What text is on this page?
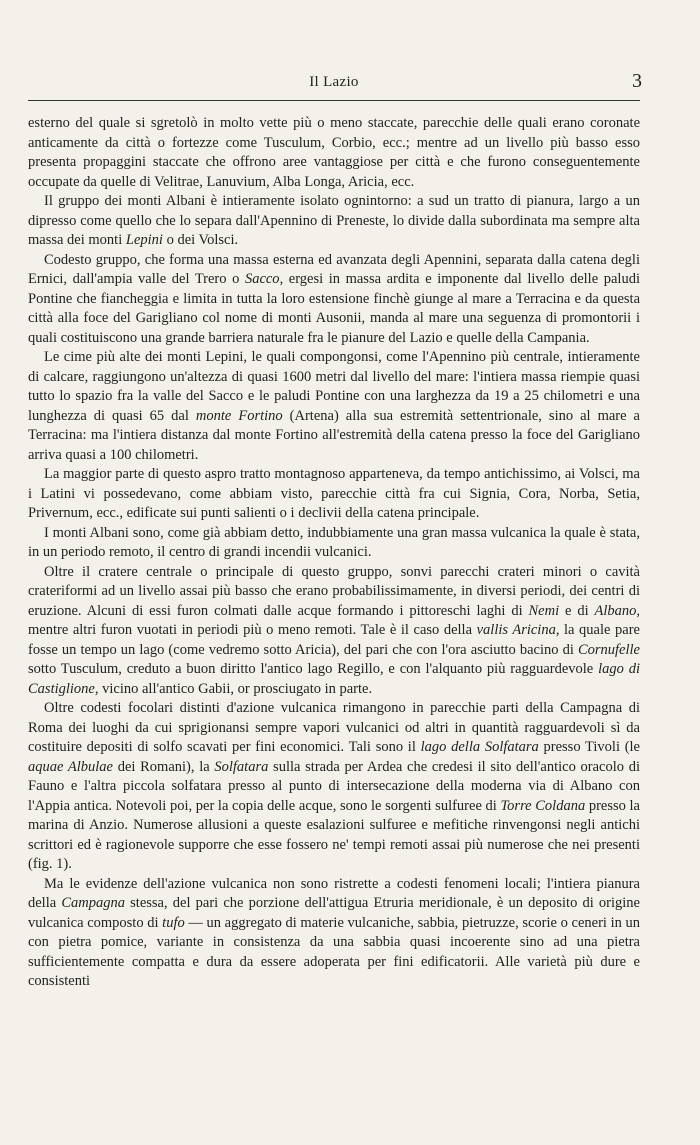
Il Lazio	3

esterno del quale si sgretolò in molto vette più o meno staccate, parecchie delle quali erano coronate anticamente da città o fortezze come Tusculum, Corbio, ecc.; mentre ad un livello più basso esso presenta propaggini staccate che offrono aree vantaggiose per città e che furono conseguentemente occupate da quelle di Velitrae, Lanuvium, Alba Longa, Aricia, ecc.

Il gruppo dei monti Albani è intieramente isolato ognintorno: a sud un tratto di pianura, largo a un dipresso come quello che lo separa dall'Apennino di Preneste, lo divide dalla subordinata ma sempre alta massa dei monti Lepini o dei Volsci.

Codesto gruppo, che forma una massa esterna ed avanzata degli Apennini, separata dalla catena degli Ernici, dall'ampia valle del Trero o Sacco, ergesi in massa ardita e imponente dal livello delle paludi Pontine che fiancheggia e limita in tutta la loro estensione finchè giunge al mare a Terracina e da questa città alla foce del Garigliano col nome di monti Ausonii, manda al mare una seguenza di promontorii i quali costituiscono una grande barriera naturale fra le pianure del Lazio e quelle della Campania.

Le cime più alte dei monti Lepini, le quali compongonsi, come l'Apennino più centrale, intieramente di calcare, raggiungono un'altezza di quasi 1600 metri dal livello del mare: l'intiera massa riempie quasi tutto lo spazio fra la valle del Sacco e le paludi Pontine con una larghezza da 19 a 25 chilometri e una lunghezza di quasi 65 dal monte Fortino (Artena) alla sua estremità settentrionale, sino al mare a Terracina: ma l'intiera distanza dal monte Fortino all'estremità della catena presso la foce del Garigliano arriva quasi a 100 chilometri.

La maggior parte di questo aspro tratto montagnoso apparteneva, da tempo antichissimo, ai Volsci, ma i Latini vi possedevano, come abbiam visto, parecchie città fra cui Signia, Cora, Norba, Setia, Privernum, ecc., edificate sui punti salienti o i declivii della catena principale.

I monti Albani sono, come già abbiam detto, indubbiamente una gran massa vulcanica la quale è stata, in un periodo remoto, il centro di grandi incendii vulcanici.

Oltre il cratere centrale o principale di questo gruppo, sonvi parecchi crateri minori o cavità crateriformi ad un livello assai più basso che erano probabilissimamente, in diversi periodi, dei centri di eruzione. Alcuni di essi furon colmati dalle acque formando i pittoreschi laghi di Nemi e di Albano, mentre altri furon vuotati in periodi più o meno remoti. Tale è il caso della vallis Aricina, la quale pare fosse un tempo un lago (come vedremo sotto Aricia), del pari che con l'ora asciutto bacino di Cornufelle sotto Tusculum, creduto a buon diritto l'antico lago Regillo, e con l'alquanto più ragguardevole lago di Castiglione, vicino all'antico Gabii, or prosciugato in parte.

Oltre codesti focolari distinti d'azione vulcanica rimangono in parecchie parti della Campagna di Roma dei luoghi da cui sprigionansi sempre vapori vulcanici od altri in quantità ragguardevoli sì da costituire depositi di solfo scavati per fini economici. Tali sono il lago della Solfatara presso Tivoli (le aquae Albulae dei Romani), la Solfatara sulla strada per Ardea che credesi il sito dell'antico oracolo di Fauno e l'altra piccola solfatara presso al punto di intersecazione della moderna via di Albano con l'Appia antica. Notevoli poi, per la copia delle acque, sono le sorgenti sulfuree di Torre Coldana presso la marina di Anzio. Numerose allusioni a queste esalazioni sulfuree e mefitiche rinvengonsi negli antichi scrittori ed è ragionevole supporre che esse fossero ne' tempi remoti assai più numerose che nei presenti (fig. 1).

Ma le evidenze dell'azione vulcanica non sono ristrette a codesti fenomeni locali; l'intiera pianura della Campagna stessa, del pari che porzione dell'attigua Etruria meridionale, è un deposito di origine vulcanica composto di tufo — un aggregato di materie vulcaniche, sabbia, pietruzze, scorie o ceneri in un con pietra pomice, variante in consistenza da una sabbia quasi incoerente sino ad una pietra sufficientemente compatta e dura da essere adoperata per fini edificatorii. Alle varietà più dure e consistenti
